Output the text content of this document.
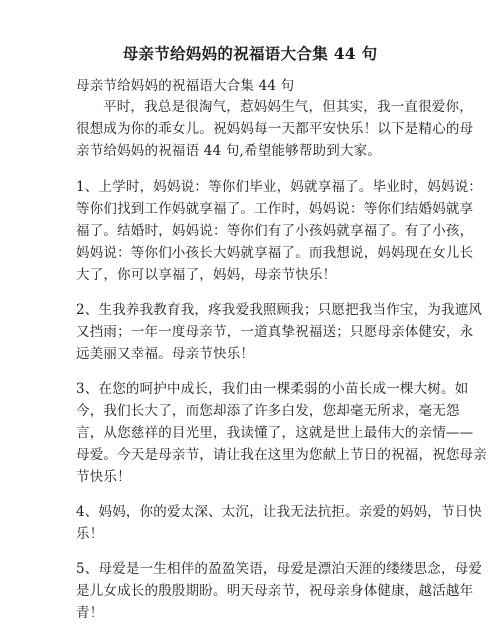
母亲节给妈妈的祝福语大合集 44 句
母亲节给妈妈的祝福语大合集 44 句

平时，我总是很淘气，惹妈妈生气，但其实，我一直很爱你，
很想成为你的乖女儿。祝妈妈每一天都平安快乐！以下是精心的母
亲节给妈妈的祝福语 44 句,希望能够帮助到大家。

1、上学时，妈妈说：等你们毕业，妈就享福了。毕业时，妈妈说：
等你们找到工作妈就享福了。工作时，妈妈说：等你们结婚妈就享
福了。结婚时，妈妈说：等你们有了小孩妈就享福了。有了小孩，
妈妈说：等你们小孩长大妈就享福了。而我想说，妈妈现在女儿长
大了，你可以享福了，妈妈，母亲节快乐！

2、生我养我教育我，疼我爱我照顾我；只愿把我当作宝，为我遮风
又挡雨；一年一度母亲节，一道真挚祝福送；只愿母亲体健安，永
远美丽又幸福。母亲节快乐！

3、在您的呵护中成长，我们由一棵柔弱的小苗长成一棵大树。如
今，我们长大了，而您却添了许多白发，您却毫无所求，毫无怨
言，从您慈祥的目光里，我读懂了，这就是世上最伟大的亲情——
母爱。今天是母亲节，请让我在这里为您献上节日的祝福，祝您母亲
节快乐！

4、妈妈，你的爱太深、太沉，让我无法抗拒。亲爱的妈妈，节日快
乐！

5、母爱是一生相伴的盈盈笑语，母爱是漂泊天涯的缕缕思念，母爱
是儿女成长的殷殷期盼。明天母亲节，祝母亲身体健康，越活越年
青！
